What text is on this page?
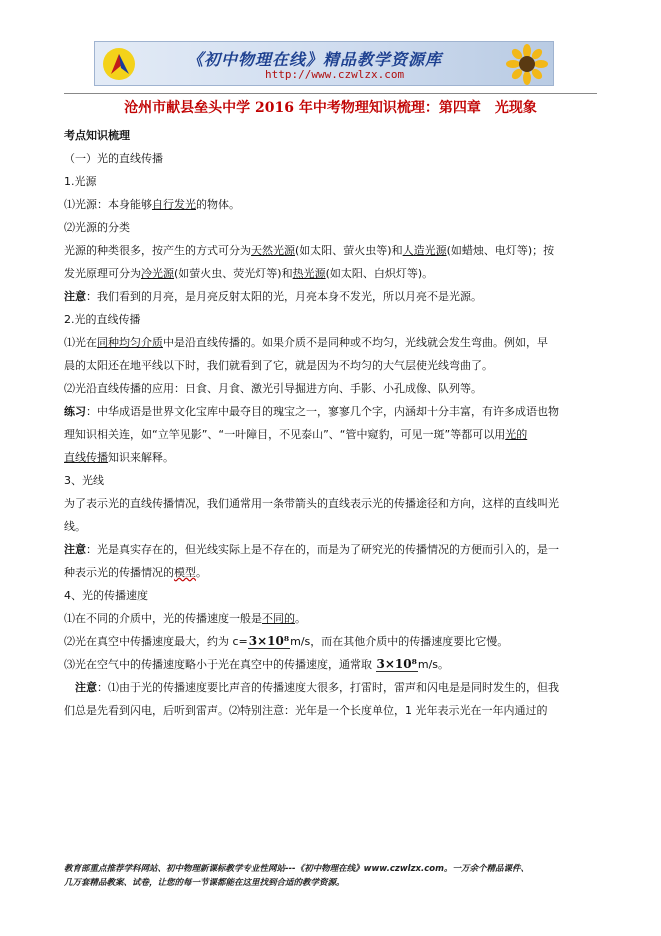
《初中物理在线》精品教学资源库
http://www.czwlzx.com
沧州市献县垒头中学 2016 年中考物理知识梳理：第四章　光现象
考点知识梳理
（一）光的直线传播
1.光源
⑴光源：本身能够自行发光的物体。
⑵光源的分类
光源的种类很多，按产生的方式可分为天然光源(如太阳、萤火虫等)和人造光源(如蜡烛、电灯等)；按
发光原理可分为冷光源(如萤火虫、荧光灯等)和热光源(如太阳、白炽灯等)。
注意：我们看到的月亮，是月亮反射太阳的光，月亮本身不发光，所以月亮不是光源。
2.光的直线传播
⑴光在同种均匀介质中是沿直线传播的。如果介质不是同种或不均匀，光线就会发生弯曲。例如，早
晨的太阳还在地平线以下时，我们就看到了它，就是因为不均匀的大气层使光线弯曲了。
⑵光沿直线传播的应用：日食、月食、激光引导掘进方向、手影、小孔成像、队列等。
练习：中华成语是世界文化宝库中最夺目的瑰宝之一，寥寥几个字，内涵却十分丰富，有许多成语也物
理知识相关连，如“立竿见影”、“一叶障目，不见泰山”、“管中窥豹，可见一斑”等都可以用光的
直线传播知识来解释。
3、光线
为了表示光的直线传播情况，我们通常用一条带箭头的直线表示光的传播途径和方向，这样的直线叫光
线。
注意：光是真实存在的，但光线实际上是不存在的，而是为了研究光的传播情况的方便而引入的，是一
种表示光的传播情况的模型。
4、光的传播速度
⑴在不同的介质中，光的传播速度一般是不同的。
⑵光在真空中传播速度最大，约为 c=3×10⁸m/s，而在其他介质中的传播速度要比它慢。
⑶光在空气中的传播速度略小于光在真空中的传播速度，通常取 3×10⁸m/s。
　注意：⑴由于光的传播速度要比声音的传播速度大很多，打雷时，雷声和闪电是是同时发生的，但我
们总是先看到闪电，后听到雷声。⑵特别注意：光年是一个长度单位，1 光年表示光在一年内通过的
教育部重点推荐学科网站、初中物理新课标教学专业性网站---《初中物理在线》www.czwlzx.com。一万余个精品课件、
几万套精品教案、试卷，让您的每一节课都能在这里找到合适的教学资源。
